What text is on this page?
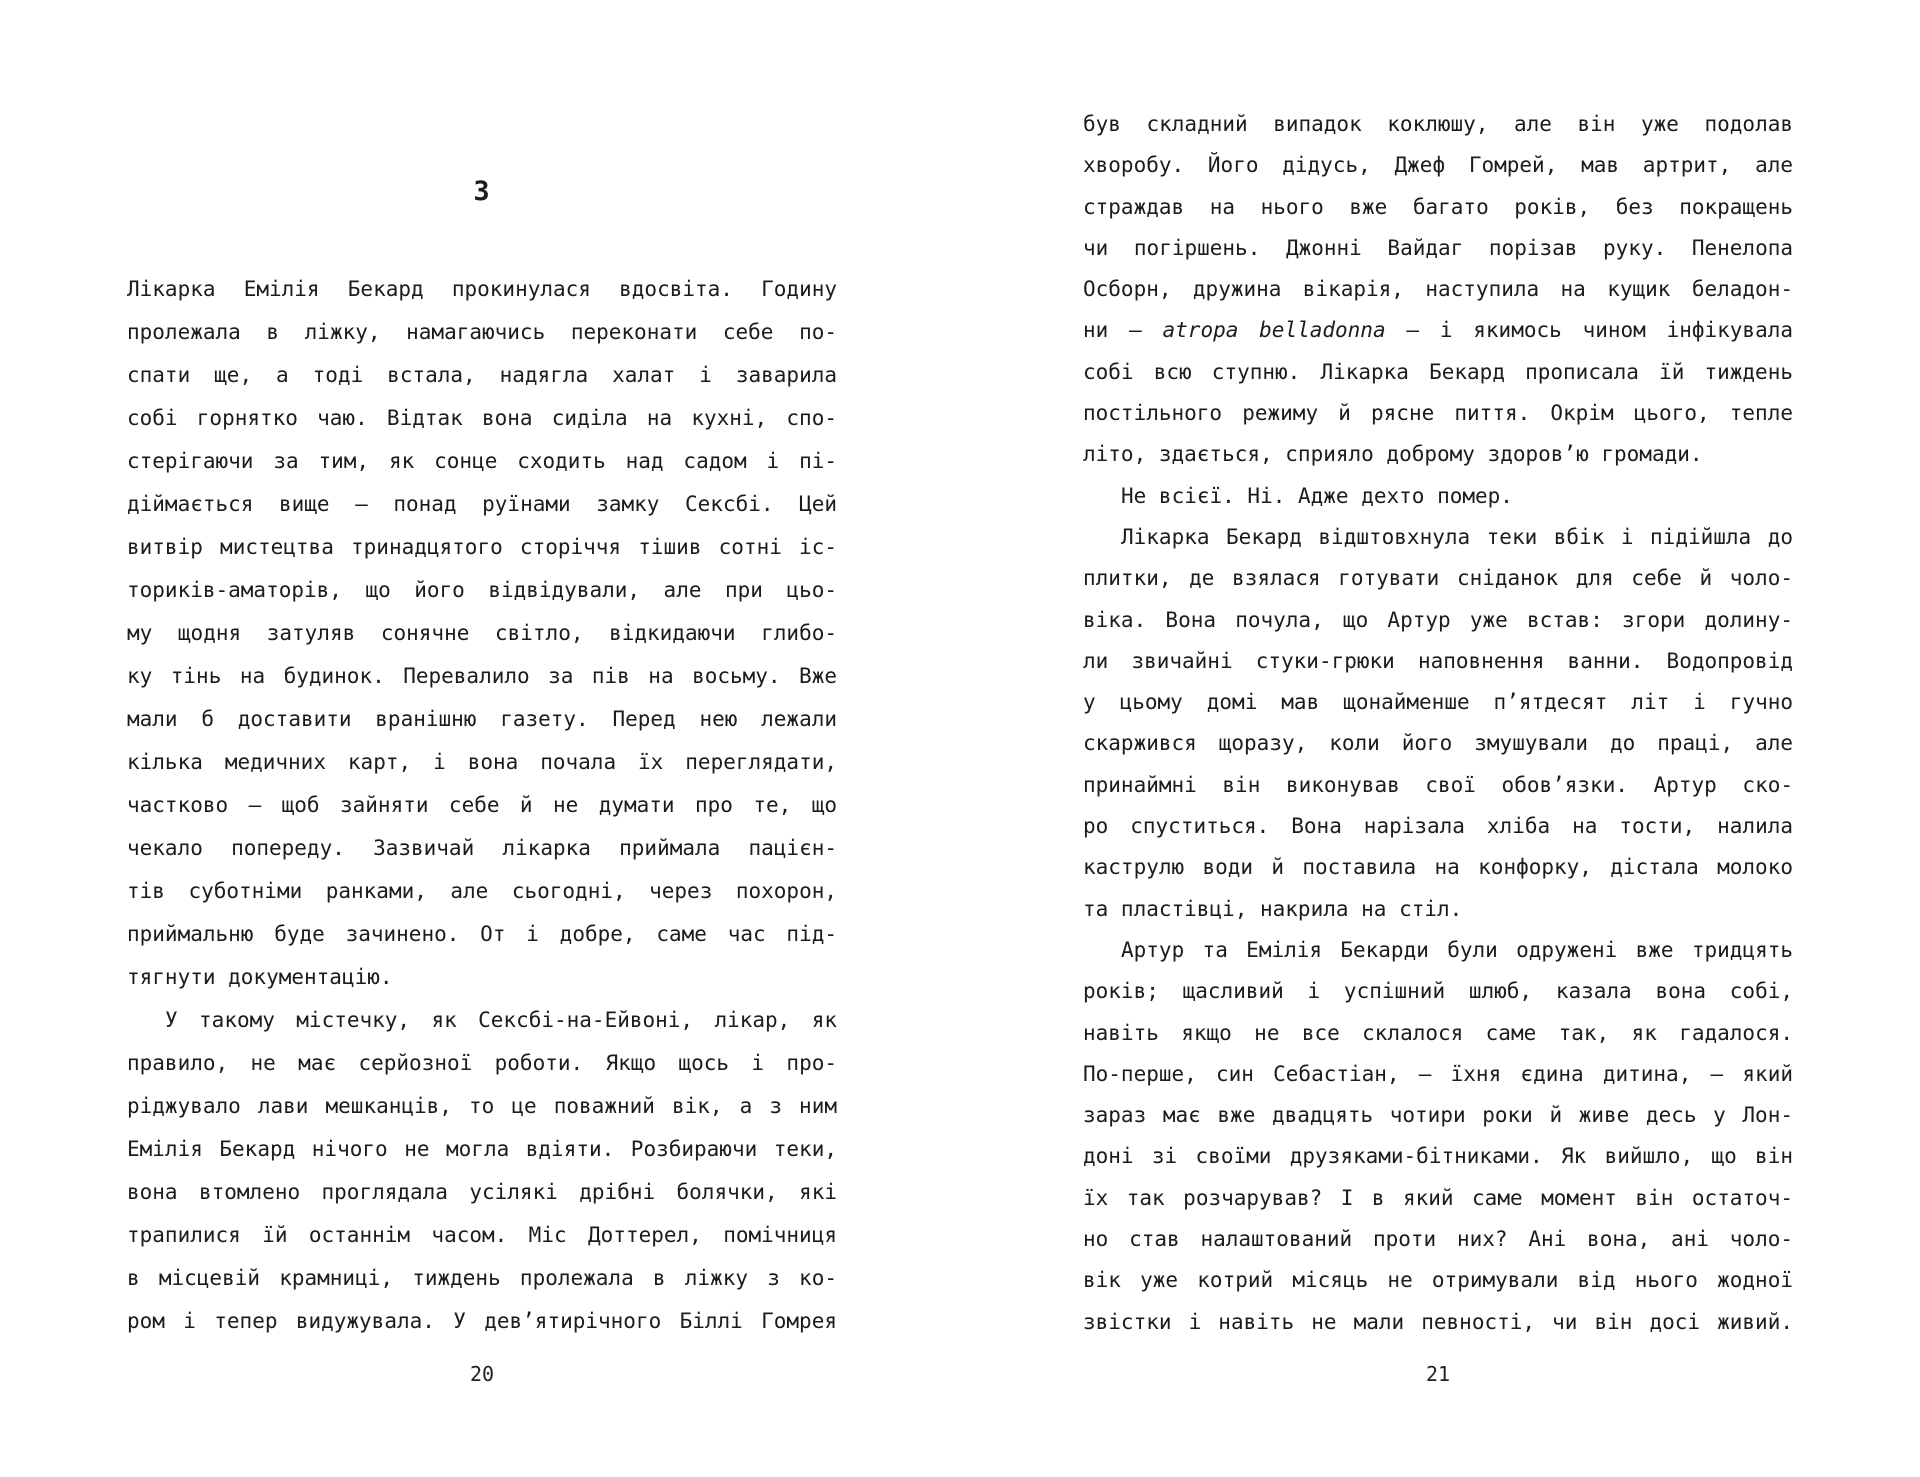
3
Лікарка Емілія Бекард прокинулася вдосвіта. Годину
пролежала в ліжку, намагаючись переконати себе по-
спати ще, а тоді встала, надягла халат і заварила
собі горнятко чаю. Відтак вона сиділа на кухні, спо-
стерігаючи за тим, як сонце сходить над садом і пі-
діймається вище — понад руїнами замку Сексбі. Цей
витвір мистецтва тринадцятого сторіччя тішив сотні іс-
ториків-аматорів, що його відвідували, але при цьо-
му щодня затуляв сонячне світло, відкидаючи глибо-
ку тінь на будинок. Перевалило за пів на восьму. Вже
мали б доставити вранішню газету. Перед нею лежали
кілька медичних карт, і вона почала їх переглядати,
частково — щоб зайняти себе й не думати про те, що
чекало попереду. Зазвичай лікарка приймала пацієн-
тів суботніми ранками, але сьогодні, через похорон,
приймальню буде зачинено. От і добре, саме час під-
тягнути документацію.
У такому містечку, як Сексбі-на-Ейвоні, лікар, як
правило, не має серйозної роботи. Якщо щось і про-
ріджувало лави мешканців, то це поважний вік, а з ним
Емілія Бекард нічого не могла вдіяти. Розбираючи теки,
вона втомлено проглядала усілякі дрібні болячки, які
трапилися їй останнім часом. Міс Доттерел, помічниця
в місцевій крамниці, тиждень пролежала в ліжку з ко-
ром і тепер видужувала. У дев’ятирічного Біллі Гомрея
20
був складний випадок коклюшу, але він уже подолав
хворобу. Його дідусь, Джеф Гомрей, мав артрит, але
страждав на нього вже багато років, без покращень
чи погіршень. Джонні Вайдаг порізав руку. Пенелопа
Осборн, дружина вікарія, наступила на кущик беладон-
ни — atropa belladonna — і якимось чином інфікувала
собі всю ступню. Лікарка Бекард прописала їй тиждень
постільного режиму й рясне пиття. Окрім цього, тепле
літо, здається, сприяло доброму здоров’ю громади.
Не всієї. Ні. Адже дехто помер.
Лікарка Бекард відштовхнула теки вбік і підійшла до
плитки, де взялася готувати сніданок для себе й чоло-
віка. Вона почула, що Артур уже встав: згори долину-
ли звичайні стуки-грюки наповнення ванни. Водопровід
у цьому домі мав щонайменше п’ятдесят літ і гучно
скаржився щоразу, коли його змушували до праці, але
принаймні він виконував свої обов’язки. Артур ско-
ро спуститься. Вона нарізала хліба на тости, налила
каструлю води й поставила на конфорку, дістала молоко
та пластівці, накрила на стіл.
Артур та Емілія Бекарди були одружені вже тридцять
років; щасливий і успішний шлюб, казала вона собі,
навіть якщо не все склалося саме так, як гадалося.
По-перше, син Себастіан, — їхня єдина дитина, — який
зараз має вже двадцять чотири роки й живе десь у Лон-
доні зі своїми друзяками-бітниками. Як вийшло, що він
їх так розчарував? І в який саме момент він остаточ-
но став налаштований проти них? Ані вона, ані чоло-
вік уже котрий місяць не отримували від нього жодної
звістки і навіть не мали певності, чи він досі живий.
21
